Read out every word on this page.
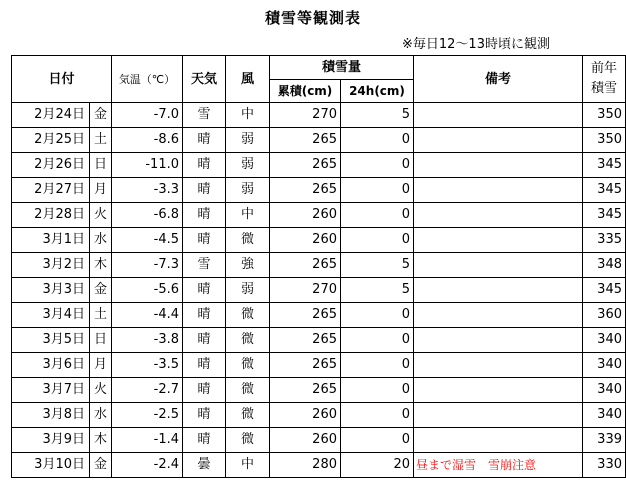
積雪等観測表
※毎日12～13時頃に観測
日付		気温（℃）	天気	風	積雪量		備考	前年
積雪
					累積(cm)	24h(cm)		
2月24日	金	-7.0	雪	中	270	5		350
2月25日	土	-8.6	晴	弱	265	0		350
2月26日	日	-11.0	晴	弱	265	0		345
2月27日	月	-3.3	晴	弱	265	0		345
2月28日	火	-6.8	晴	中	260	0		345
3月1日	水	-4.5	晴	微	260	0		335
3月2日	木	-7.3	雪	強	265	5		348
3月3日	金	-5.6	晴	弱	270	5		345
3月4日	土	-4.4	晴	微	265	0		360
3月5日	日	-3.8	晴	微	265	0		340
3月6日	月	-3.5	晴	微	265	0		340
3月7日	火	-2.7	晴	微	265	0		340
3月8日	水	-2.5	晴	微	260	0		340
3月9日	木	-1.4	晴	微	260	0		339
3月10日	金	-2.4	曇	中	280	20	昼まで湿雪　雪崩注意	330
